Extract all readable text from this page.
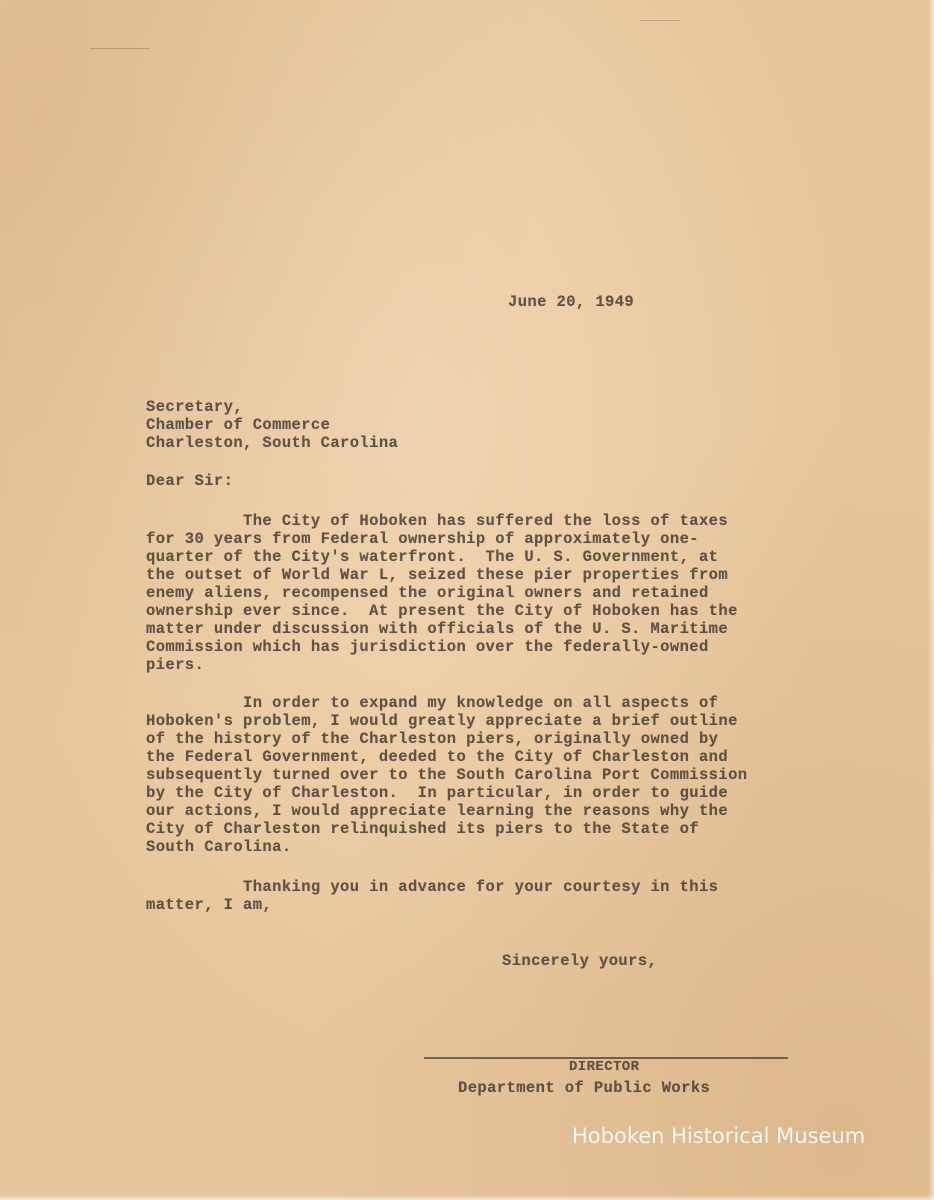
June 20, 1949
Secretary,
Chamber of Commerce
Charleston, South Carolina
Dear Sir:
The City of Hoboken has suffered the loss of taxes
for 30 years from Federal ownership of approximately one-
quarter of the City's waterfront.  The U. S. Government, at
the outset of World War L, seized these pier properties from
enemy aliens, recompensed the original owners and retained
ownership ever since.  At present the City of Hoboken has the
matter under discussion with officials of the U. S. Maritime
Commission which has jurisdiction over the federally-owned
piers.
In order to expand my knowledge on all aspects of
Hoboken's problem, I would greatly appreciate a brief outline
of the history of the Charleston piers, originally owned by
the Federal Government, deeded to the City of Charleston and
subsequently turned over to the South Carolina Port Commission
by the City of Charleston.  In particular, in order to guide
our actions, I would appreciate learning the reasons why the
City of Charleston relinquished its piers to the State of
South Carolina.
Thanking you in advance for your courtesy in this
matter, I am,
Sincerely yours,
DIRECTOR
Department of Public Works
Hoboken Historical Museum
